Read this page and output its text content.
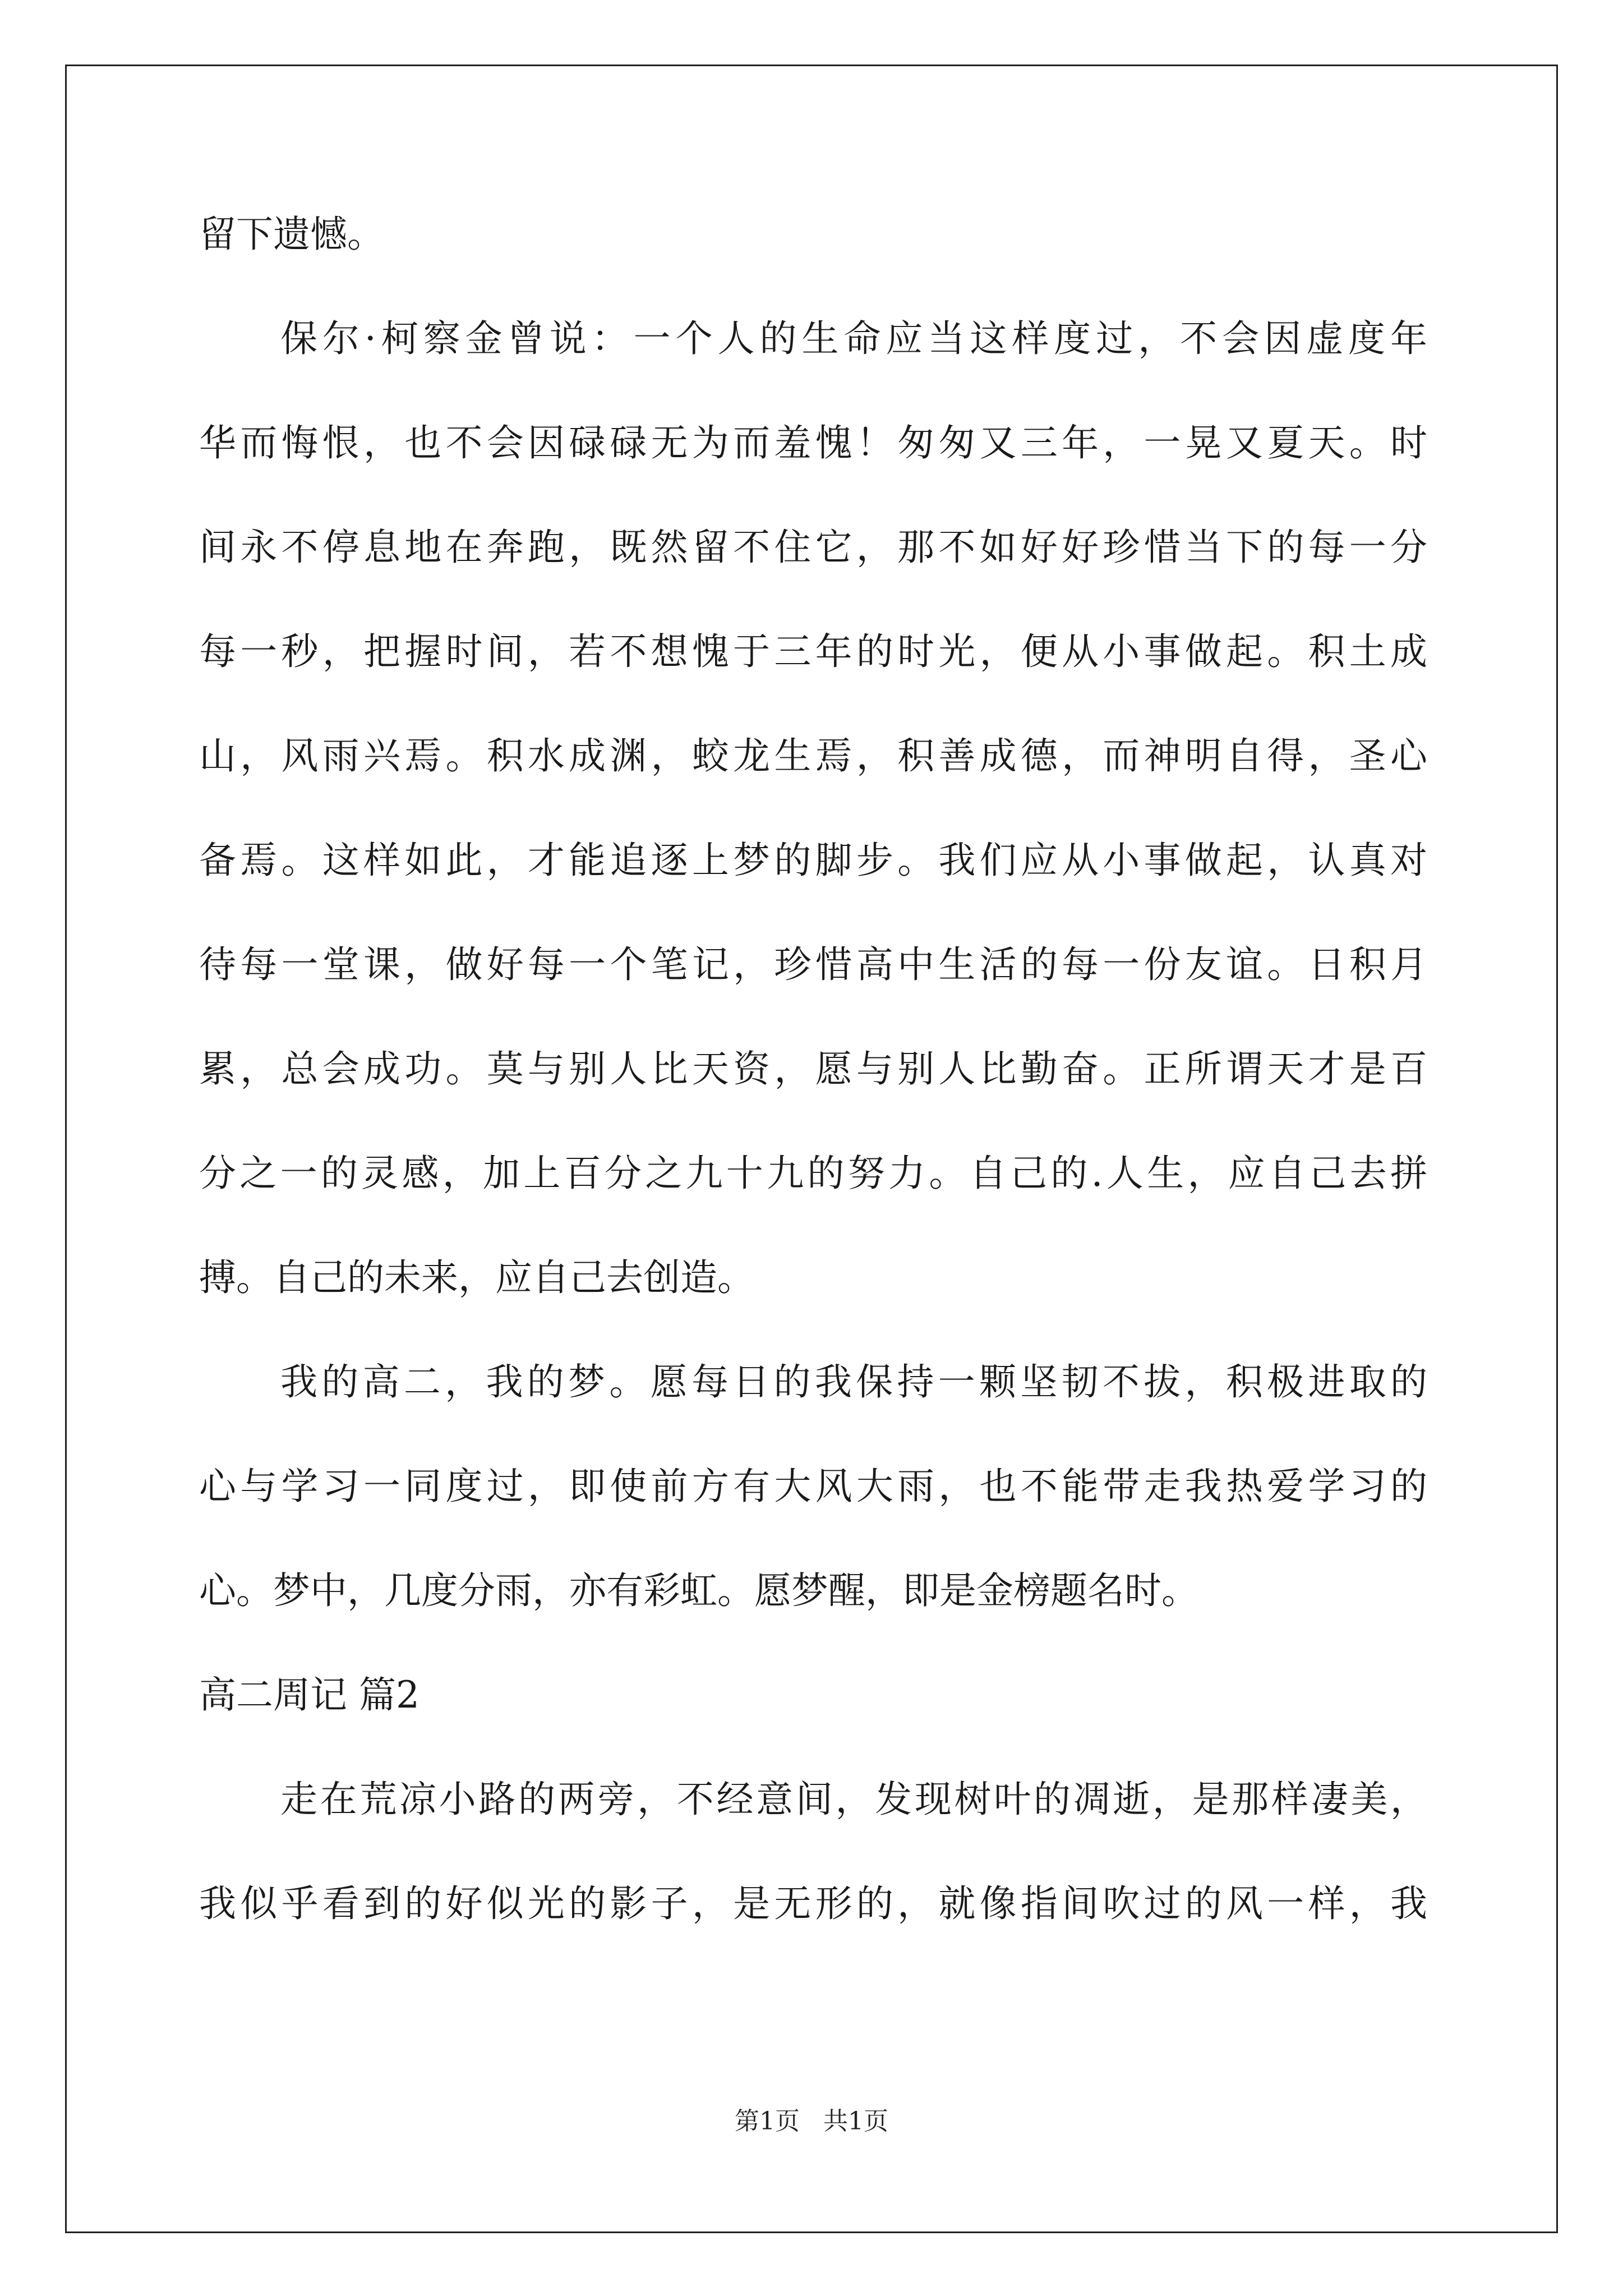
留下遗憾。
保尔·柯察金曾说：一个人的生命应当这样度过，不会因虚度年
华而悔恨，也不会因碌碌无为而羞愧！匆匆又三年，一晃又夏天。时
间永不停息地在奔跑，既然留不住它，那不如好好珍惜当下的每一分
每一秒，把握时间，若不想愧于三年的时光，便从小事做起。积土成
山，风雨兴焉。积水成渊，蛟龙生焉，积善成德，而神明自得，圣心
备焉。这样如此，才能追逐上梦的脚步。我们应从小事做起，认真对
待每一堂课，做好每一个笔记，珍惜高中生活的每一份友谊。日积月
累，总会成功。莫与别人比天资，愿与别人比勤奋。正所谓天才是百
分之一的灵感，加上百分之九十九的努力。自己的.人生，应自己去拼
搏。自己的未来，应自己去创造。
我的高二，我的梦。愿每日的我保持一颗坚韧不拔，积极进取的
心与学习一同度过，即使前方有大风大雨，也不能带走我热爱学习的
心。梦中，几度分雨，亦有彩虹。愿梦醒，即是金榜题名时。
高二周记 篇2
走在荒凉小路的两旁，不经意间，发现树叶的凋逝，是那样凄美，
我似乎看到的好似光的影子，是无形的，就像指间吹过的风一样，我
第1页   共1页
